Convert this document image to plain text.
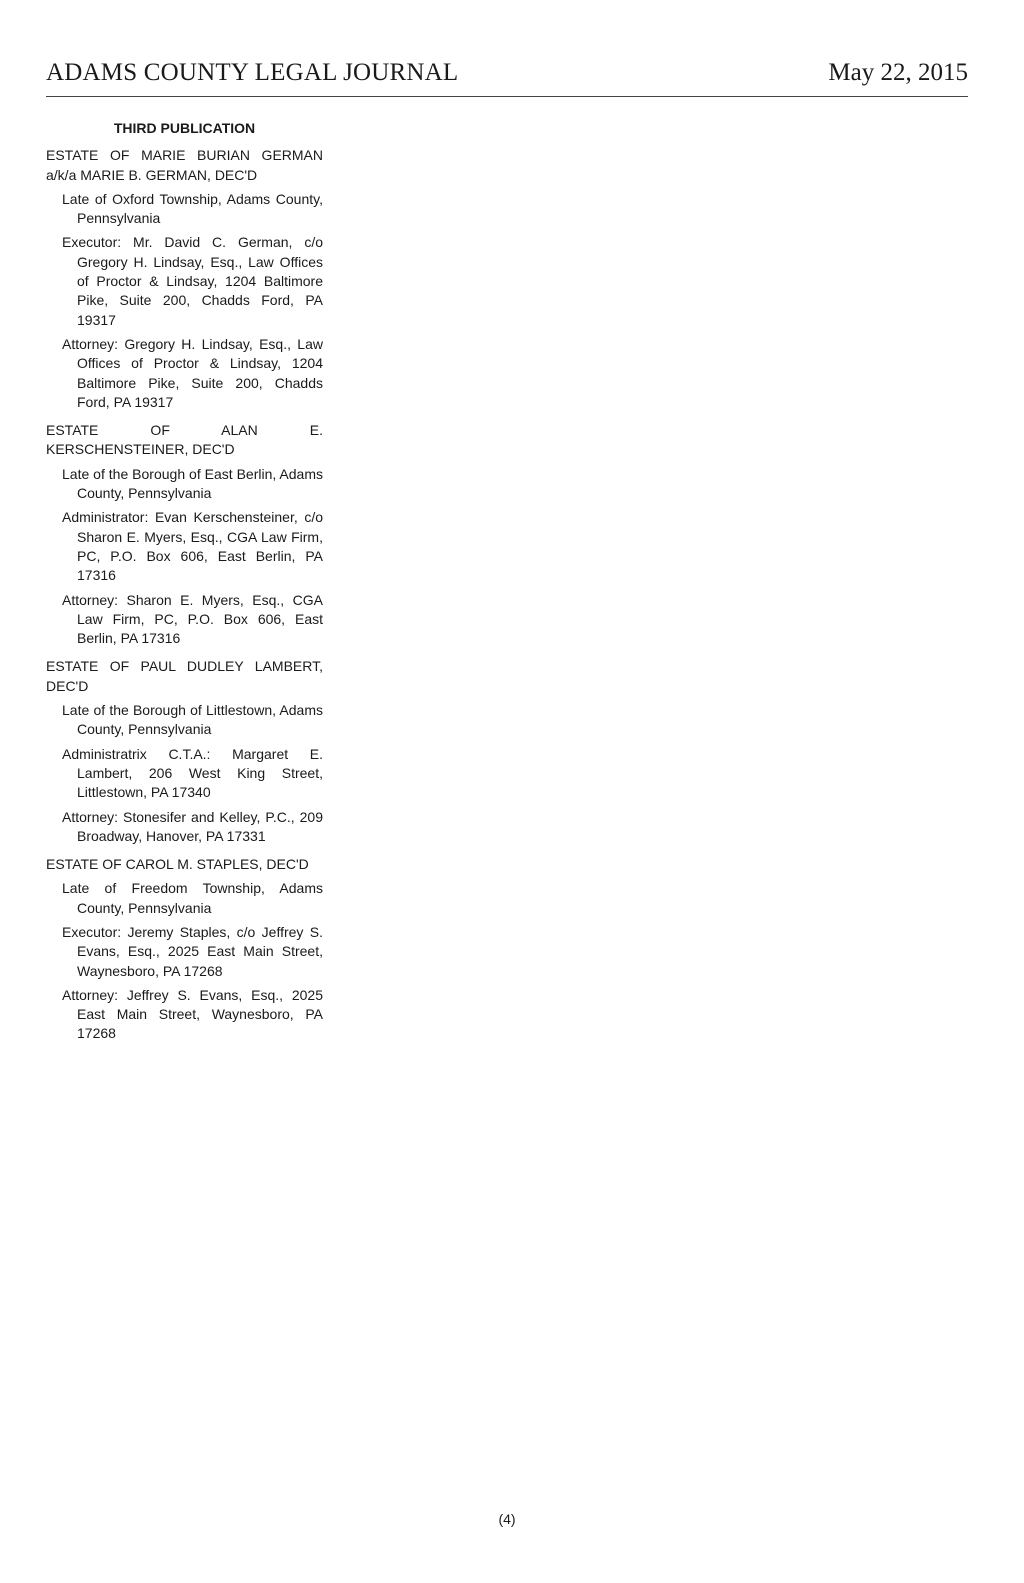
ADAMS COUNTY LEGAL JOURNAL	May 22, 2015
THIRD PUBLICATION
ESTATE OF MARIE BURIAN GERMAN a/k/a MARIE B. GERMAN, DEC'D
Late of Oxford Township, Adams County, Pennsylvania
Executor: Mr. David C. German, c/o Gregory H. Lindsay, Esq., Law Offices of Proctor & Lindsay, 1204 Baltimore Pike, Suite 200, Chadds Ford, PA 19317
Attorney: Gregory H. Lindsay, Esq., Law Offices of Proctor & Lindsay, 1204 Baltimore Pike, Suite 200, Chadds Ford, PA 19317
ESTATE OF ALAN E. KERSCHENSTEINER, DEC'D
Late of the Borough of East Berlin, Adams County, Pennsylvania
Administrator: Evan Kerschensteiner, c/o Sharon E. Myers, Esq., CGA Law Firm, PC, P.O. Box 606, East Berlin, PA 17316
Attorney: Sharon E. Myers, Esq., CGA Law Firm, PC, P.O. Box 606, East Berlin, PA 17316
ESTATE OF PAUL DUDLEY LAMBERT, DEC'D
Late of the Borough of Littlestown, Adams County, Pennsylvania
Administratrix C.T.A.: Margaret E. Lambert, 206 West King Street, Littlestown, PA 17340
Attorney: Stonesifer and Kelley, P.C., 209 Broadway, Hanover, PA 17331
ESTATE OF CAROL M. STAPLES, DEC'D
Late of Freedom Township, Adams County, Pennsylvania
Executor: Jeremy Staples, c/o Jeffrey S. Evans, Esq., 2025 East Main Street, Waynesboro, PA 17268
Attorney: Jeffrey S. Evans, Esq., 2025 East Main Street, Waynesboro, PA 17268
(4)
